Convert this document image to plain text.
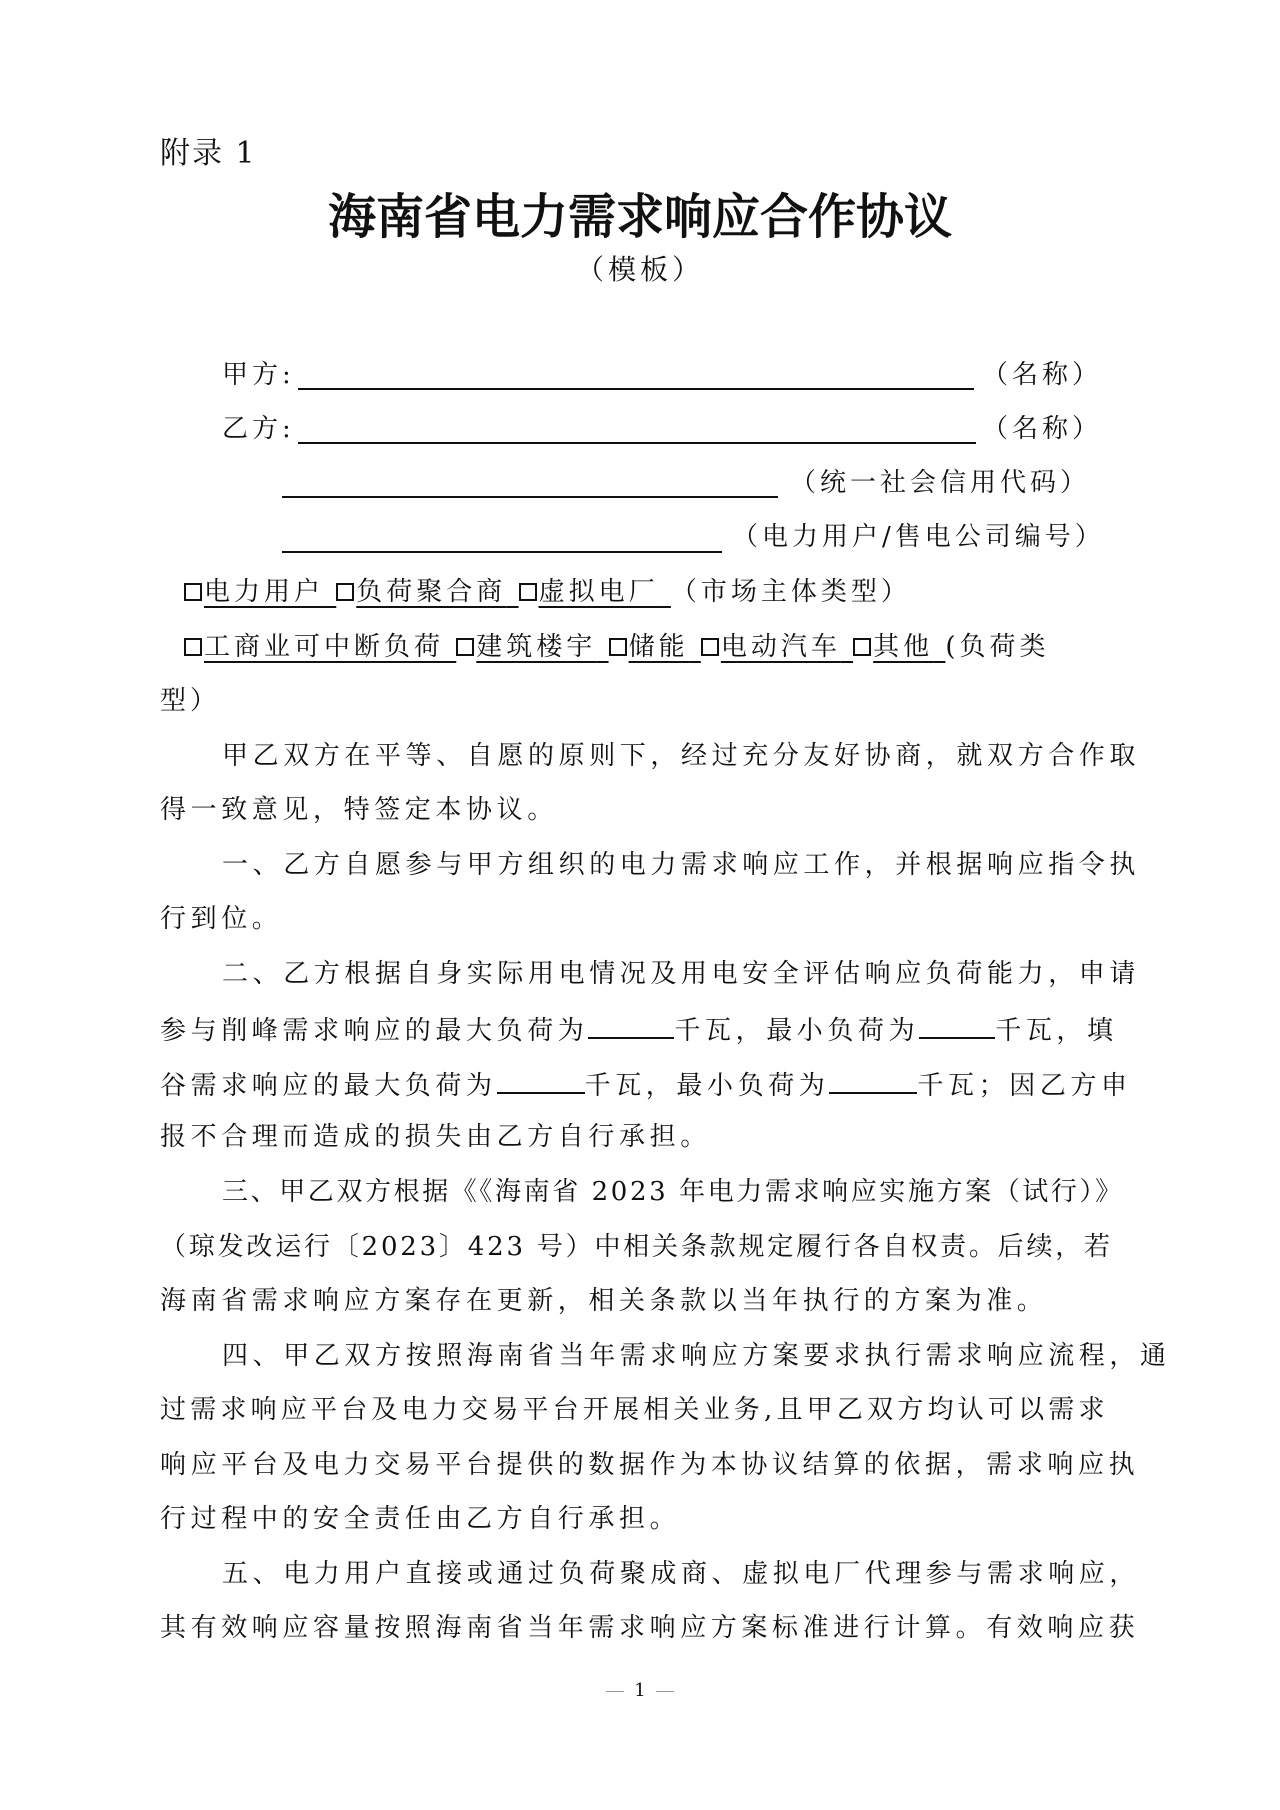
附录 1
海南省电力需求响应合作协议
（模板）
甲方:	（名称）
乙方:	（名称）
（统一社会信用代码）
（电力用户/售电公司编号）
电力用户 负荷聚合商 虚拟电厂 （市场主体类型）
工商业可中断负荷 建筑楼宇 储能 电动汽车 其他 (负荷类
型）
甲乙双方在平等、自愿的原则下，经过充分友好协商，就双方合作取
得一致意见，特签定本协议。
一、乙方自愿参与甲方组织的电力需求响应工作，并根据响应指令执
行到位。
二、乙方根据自身实际用电情况及用电安全评估响应负荷能力，申请
参与削峰需求响应的最大负荷为	千瓦，最小负荷为	千瓦，填
谷需求响应的最大负荷为	千瓦，最小负荷为	千瓦；因乙方申
报不合理而造成的损失由乙方自行承担。
三、甲乙双方根据《《海南省 2023 年电力需求响应实施方案（试行）》
（琼发改运行〔2023〕423 号）中相关条款规定履行各自权责。后续，若
海南省需求响应方案存在更新，相关条款以当年执行的方案为准。
四、甲乙双方按照海南省当年需求响应方案要求执行需求响应流程，通
过需求响应平台及电力交易平台开展相关业务,且甲乙双方均认可以需求
响应平台及电力交易平台提供的数据作为本协议结算的依据，需求响应执
行过程中的安全责任由乙方自行承担。
五、电力用户直接或通过负荷聚成商、虚拟电厂代理参与需求响应，
其有效响应容量按照海南省当年需求响应方案标准进行计算。有效响应获
1
